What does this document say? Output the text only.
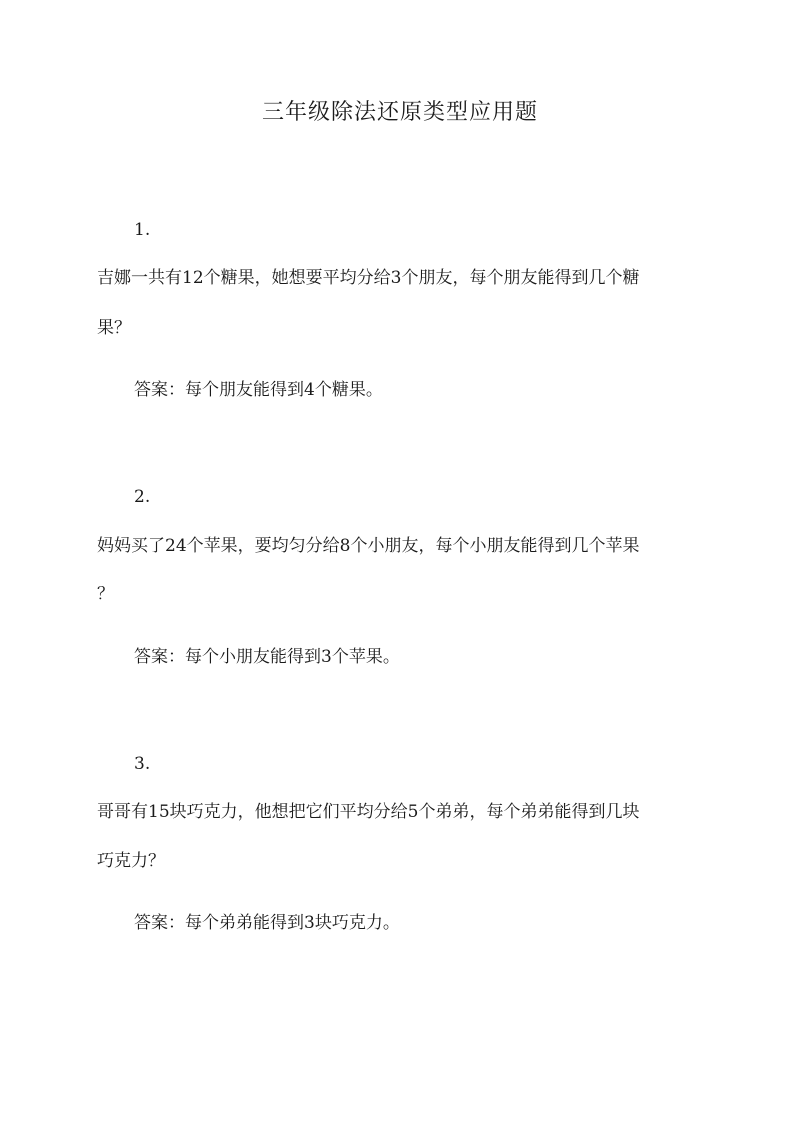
三年级除法还原类型应用题
1.
吉娜一共有12个糖果，她想要平均分给3个朋友，每个朋友能得到几个糖
果？
答案：每个朋友能得到4个糖果。
2.
妈妈买了24个苹果，要均匀分给8个小朋友，每个小朋友能得到几个苹果
？
答案：每个小朋友能得到3个苹果。
3.
哥哥有15块巧克力，他想把它们平均分给5个弟弟，每个弟弟能得到几块
巧克力？
答案：每个弟弟能得到3块巧克力。
